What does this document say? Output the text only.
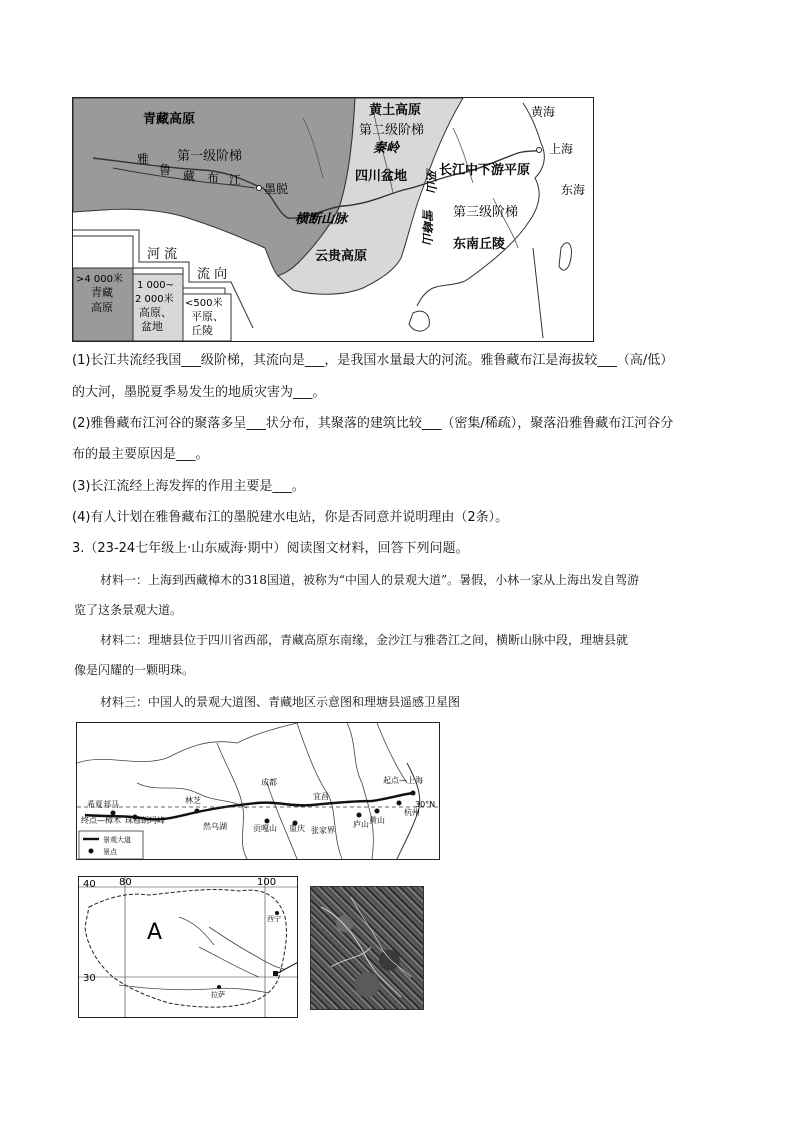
青藏高原
黄土高原	黄海
第二级阶梯
秦岭
第一级阶梯
雅
鲁 藏 布 江
墨脱
上海
四川盆地 巫山 长江中下游平原
东海
横断山脉	雪峰山 第三级阶梯
云贵高原
东南丘陵
河 流
流 向
>4 000米
青藏
高原
1 000~
2 000米
高原、
盆地
<500米
平原、
丘陵
(1)长江共流经我国___级阶梯，其流向是___，是我国水量最大的河流。雅鲁藏布江是海拔较___（高/低）
的大河，墨脱夏季易发生的地质灾害为___。
(2)雅鲁藏布江河谷的聚落多呈___状分布，其聚落的建筑比较___（密集/稀疏），聚落沿雅鲁藏布江河谷分
布的最主要原因是___。
(3)长江流经上海发挥的作用主要是___。
(4)有人计划在雅鲁藏布江的墨脱建水电站，你是否同意并说明理由（2条）。
3.（23-24七年级上·山东威海·期中）阅读图文材料，回答下列问题。
材料一：上海到西藏樟木的318国道，被称为“中国人的景观大道”。暑假，小林一家从上海出发自驾游
览了这条景观大道。
材料二：理塘县位于四川省西部，青藏高原东南缘，金沙江与雅砻江之间，横断山脉中段，理塘县就
像是闪耀的一颗明珠。
材料三：中国人的景观大道图、青藏地区示意图和理塘县遥感卫星图
起点—上海
杭州
30°N
成都
宜昌
林芝
希夏邦马
珠穆朗玛峰
终点—樟木
然乌湖	贡嘎山 重庆 张家界
庐山 黄山
景观大道
景点
40 80	100
30
A
西宁
拉萨
